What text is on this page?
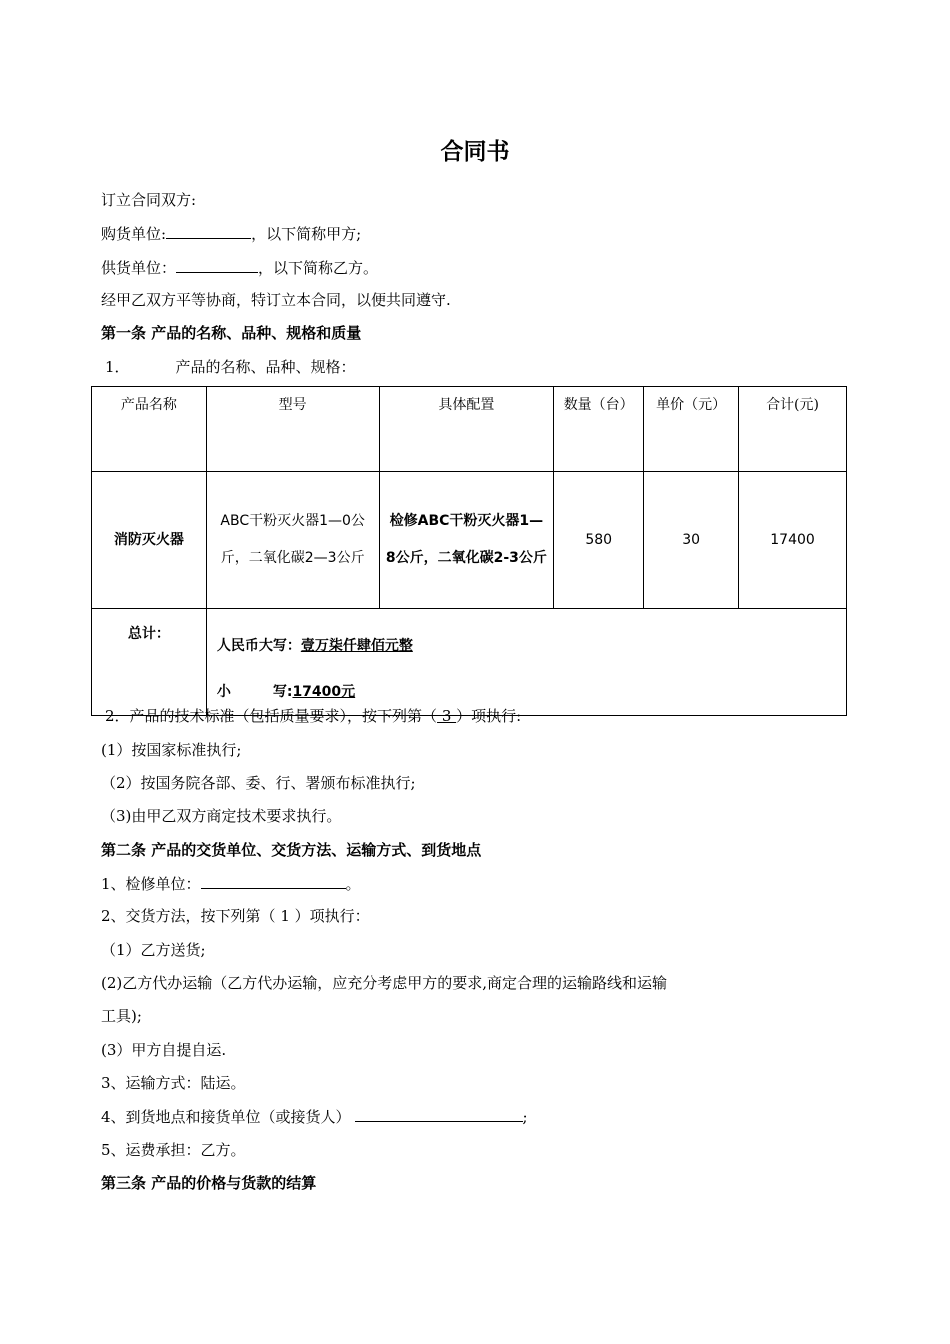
合同书
订立合同双方:
购货单位:	，以下简称甲方;
供货单位：	，以下简称乙方。
经甲乙双方平等协商，特订立本合同，以便共同遵守.
第一条 产品的名称、品种、规格和质量
1．	产品的名称、品种、规格：
产品名称	型号	具体配置	数量（台）	单价（元）	合计(元)
消防灭火器	ABC干粉灭火器1—0公斤，二氧化碳2—3公斤	检修ABC干粉灭火器1—8公斤，二氧化碳2-3公斤	580	30	17400
总计：	人民币大写：壹万柒仟肆佰元整
小　　　写:17400元				
2．产品的技术标准（包括质量要求），按下列第（ 3 ）项执行:
(1）按国家标准执行;
（2）按国务院各部、委、行、署颁布标准执行;
（3)由甲乙双方商定技术要求执行。
第二条 产品的交货单位、交货方法、运输方式、到货地点
1、检修单位：	。
2、交货方法，按下列第（ 1 ）项执行：
（1）乙方送货;
(2)乙方代办运输（乙方代办运输，应充分考虑甲方的要求,商定合理的运输路线和运输
工具);
(3）甲方自提自运.
3、运输方式：陆运。
4、到货地点和接货单位（或接货人）	;
5、运费承担：乙方。
第三条 产品的价格与货款的结算
